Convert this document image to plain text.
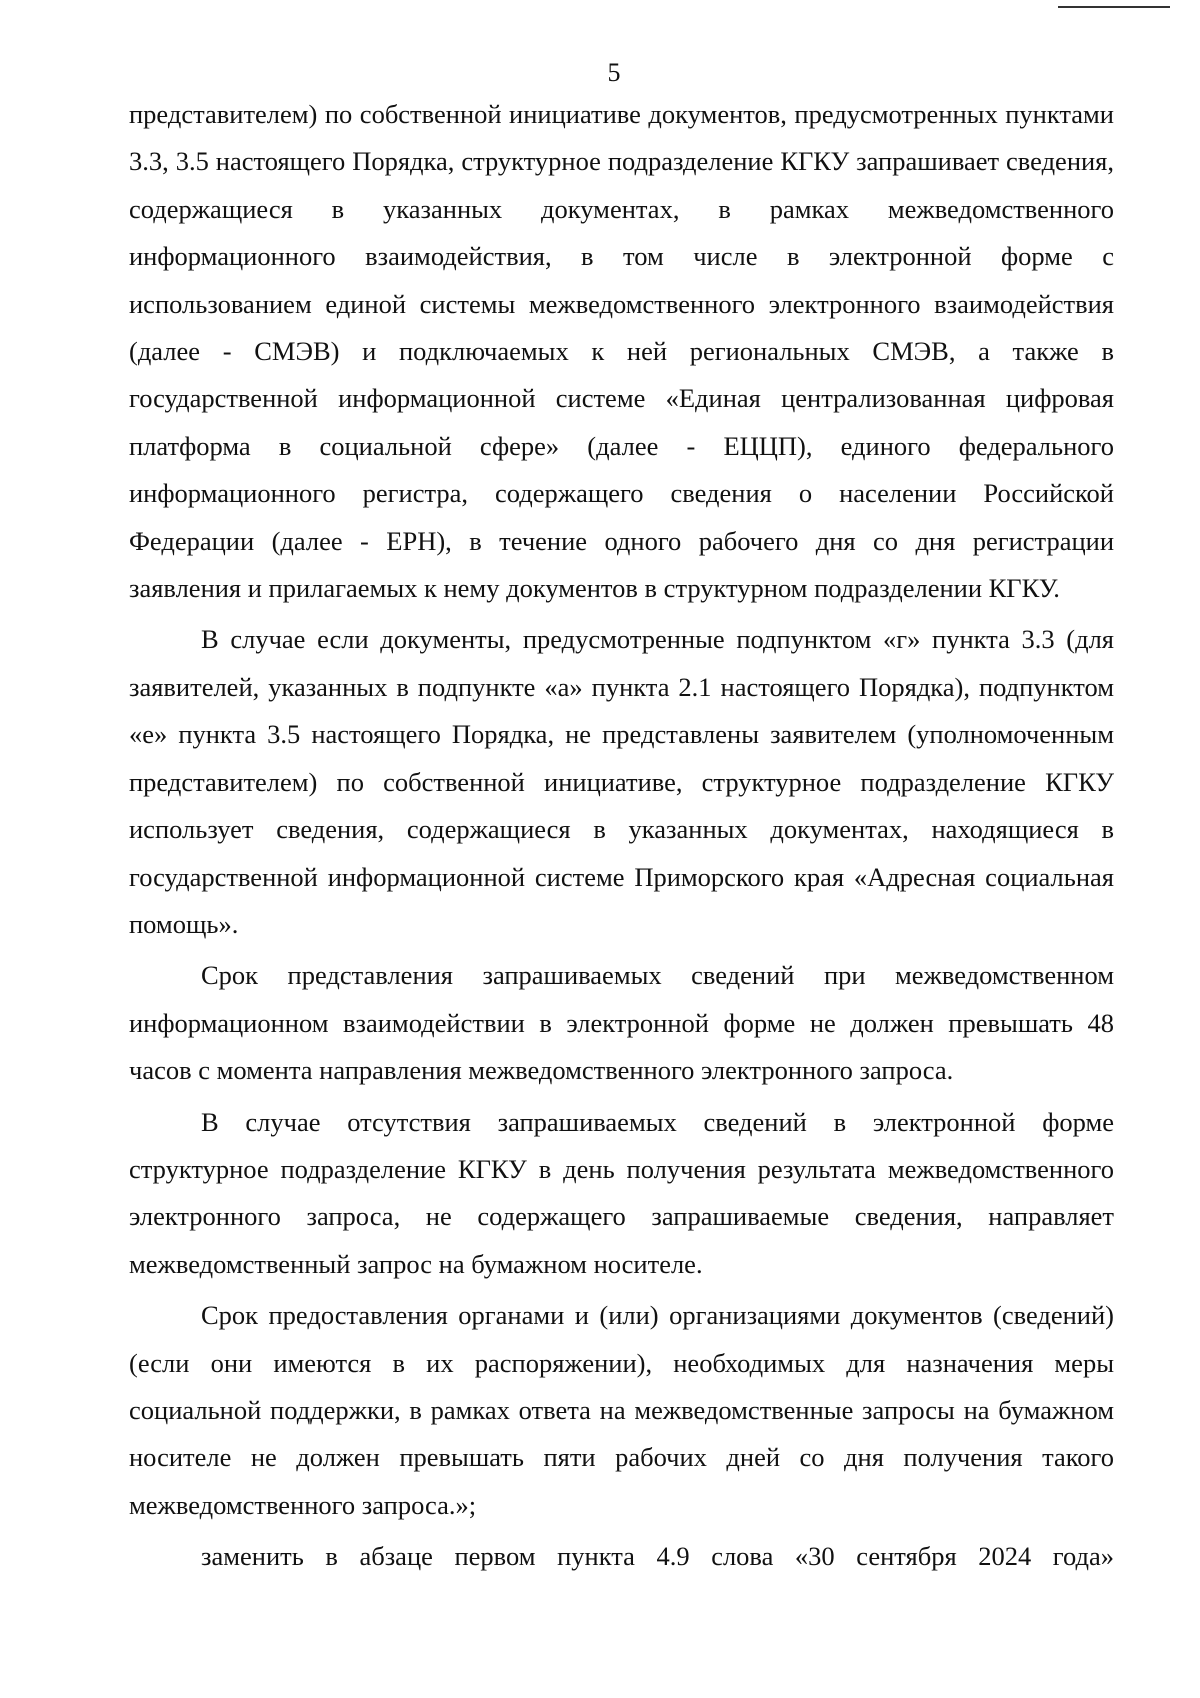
5

представителем) по собственной инициативе документов, предусмотренных пунктами 3.3, 3.5 настоящего Порядка, структурное подразделение КГКУ запрашивает сведения, содержащиеся в указанных документах, в рамках межведомственного информационного взаимодействия, в том числе в электронной форме с использованием единой системы межведомственного электронного взаимодействия (далее - СМЭВ) и подключаемых к ней региональных СМЭВ, а также в государственной информационной системе «Единая централизованная цифровая платформа в социальной сфере» (далее - ЕЦЦП), единого федерального информационного регистра, содержащего сведения о населении Российской Федерации (далее - ЕРН), в течение одного рабочего дня со дня регистрации заявления и прилагаемых к нему документов в структурном подразделении КГКУ.

В случае если документы, предусмотренные подпунктом «г» пункта 3.3 (для заявителей, указанных в подпункте «а» пункта 2.1 настоящего Порядка), подпунктом «е» пункта 3.5 настоящего Порядка, не представлены заявителем (уполномоченным представителем) по собственной инициативе, структурное подразделение КГКУ использует сведения, содержащиеся в указанных документах, находящиеся в государственной информационной системе Приморского края «Адресная социальная помощь».

Срок представления запрашиваемых сведений при межведомственном информационном взаимодействии в электронной форме не должен превышать 48 часов с момента направления межведомственного электронного запроса.

В случае отсутствия запрашиваемых сведений в электронной форме структурное подразделение КГКУ в день получения результата межведомственного электронного запроса, не содержащего запрашиваемые сведения, направляет межведомственный запрос на бумажном носителе.

Срок предоставления органами и (или) организациями документов (сведений) (если они имеются в их распоряжении), необходимых для назначения меры социальной поддержки, в рамках ответа на межведомственные запросы на бумажном носителе не должен превышать пяти рабочих дней со дня получения такого межведомственного запроса.»;

заменить в абзаце первом пункта 4.9 слова «30 сентября 2024 года»
